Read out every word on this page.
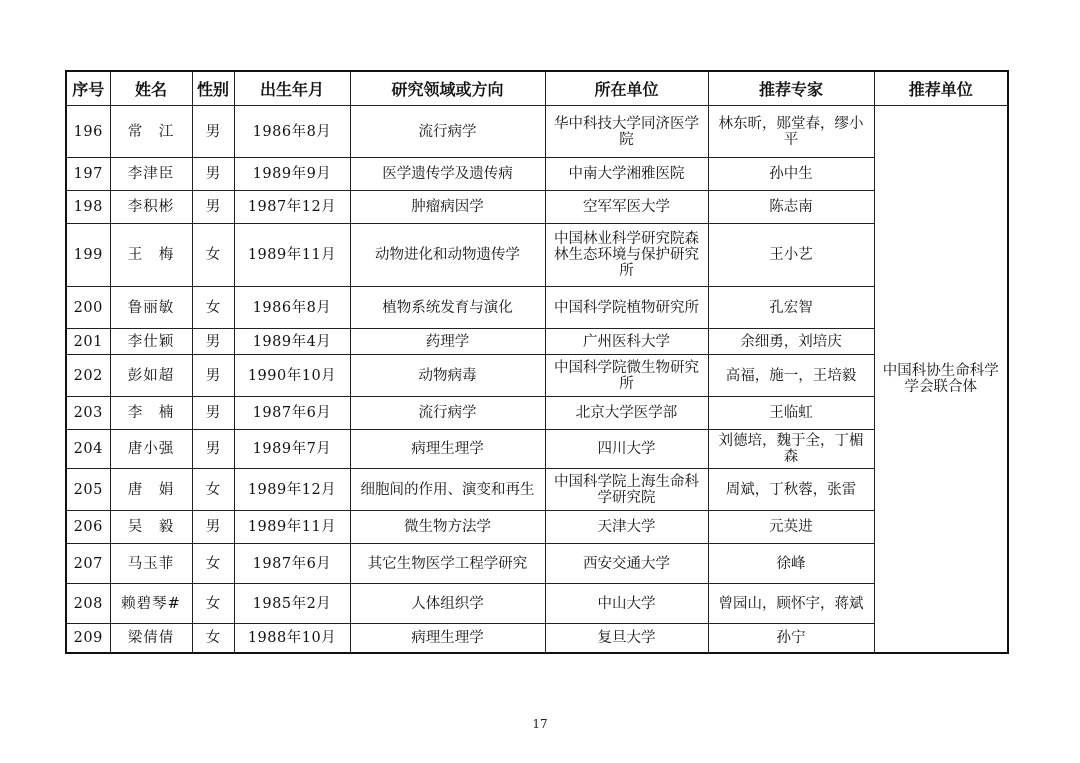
序号	姓名	性别	出生年月	研究领域或方向	所在单位	推荐专家	推荐单位
196	常　江	男	1986年8月	流行病学	华中科技大学同济医学院	林东昕，郧堂春，缪小平	中国科协生命科学学会联合体
197	李津臣	男	1989年9月	医学遗传学及遗传病	中南大学湘雅医院	孙中生	
198	李积彬	男	1987年12月	肿瘤病因学	空军军医大学	陈志南	
199	王　梅	女	1989年11月	动物进化和动物遗传学	中国林业科学研究院森林生态环境与保护研究所	王小艺	
200	鲁丽敏	女	1986年8月	植物系统发育与演化	中国科学院植物研究所	孔宏智	
201	李仕颖	男	1989年4月	药理学	广州医科大学	余细勇，刘培庆	
202	彭如超	男	1990年10月	动物病毒	中国科学院微生物研究所	高福，施一，王培毅	
203	李　楠	男	1987年6月	流行病学	北京大学医学部	王临虹	
204	唐小强	男	1989年7月	病理生理学	四川大学	刘德培，魏于全，丁楣森	
205	唐　娟	女	1989年12月	细胞间的作用、演变和再生	中国科学院上海生命科学研究院	周斌，丁秋蓉，张雷	
206	吴　毅	男	1989年11月	微生物方法学	天津大学	元英进	
207	马玉菲	女	1987年6月	其它生物医学工程学研究	西安交通大学	徐峰	
208	赖碧琴#	女	1985年2月	人体组织学	中山大学	曾园山，顾怀宇，蒋斌	
209	梁倩倩	女	1988年10月	病理生理学	复旦大学	孙宁	
17
